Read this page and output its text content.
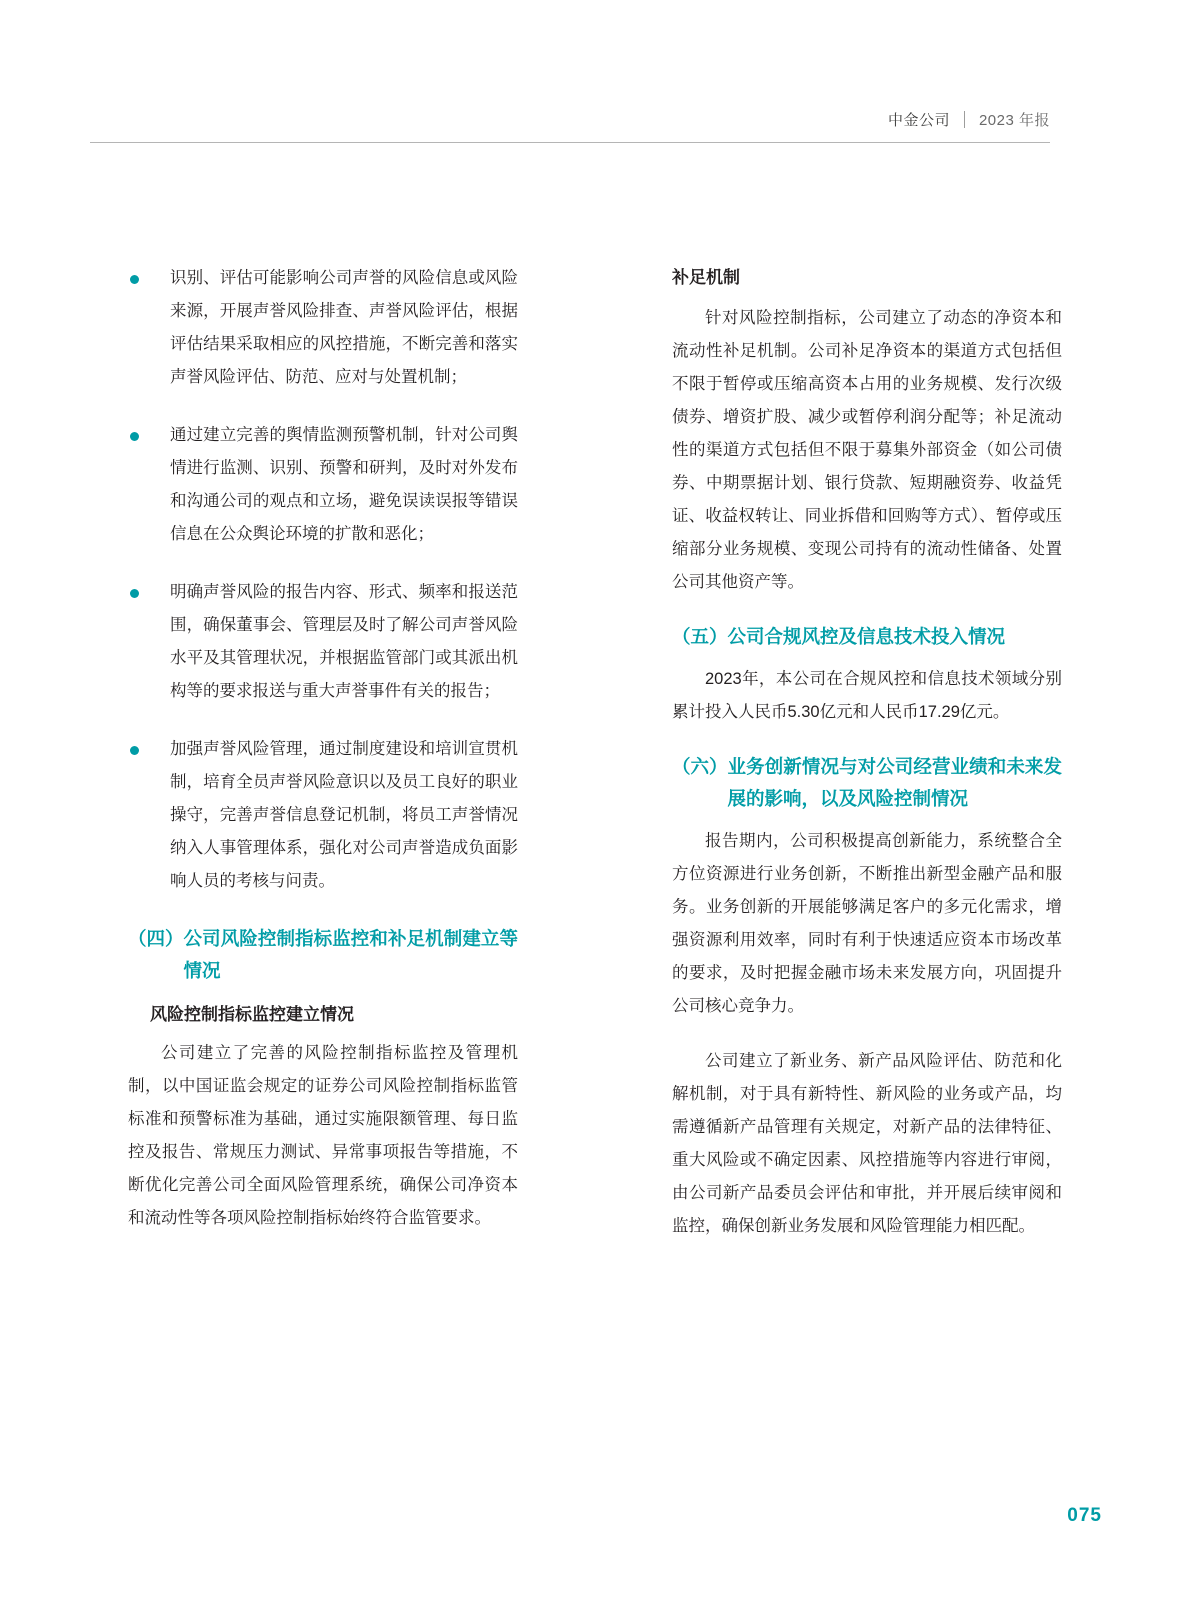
中金公司	2023 年报
识别、评估可能影响公司声誉的风险信息或风险来源，开展声誉风险排查、声誉风险评估，根据评估结果采取相应的风控措施，不断完善和落实声誉风险评估、防范、应对与处置机制；
通过建立完善的舆情监测预警机制，针对公司舆情进行监测、识别、预警和研判，及时对外发布和沟通公司的观点和立场，避免误读误报等错误信息在公众舆论环境的扩散和恶化；
明确声誉风险的报告内容、形式、频率和报送范围，确保董事会、管理层及时了解公司声誉风险水平及其管理状况，并根据监管部门或其派出机构等的要求报送与重大声誉事件有关的报告；
加强声誉风险管理，通过制度建设和培训宣贯机制，培育全员声誉风险意识以及员工良好的职业操守，完善声誉信息登记机制，将员工声誉情况纳入人事管理体系，强化对公司声誉造成负面影响人员的考核与问责。
（四） 公司风险控制指标监控和补足机制建立等情况
风险控制指标监控建立情况

公司建立了完善的风险控制指标监控及管理机制，以中国证监会规定的证券公司风险控制指标监管标准和预警标准为基础，通过实施限额管理、每日监控及报告、常规压力测试、异常事项报告等措施，不断优化完善公司全面风险管理系统，确保公司净资本和流动性等各项风险控制指标始终符合监管要求。

补足机制

针对风险控制指标，公司建立了动态的净资本和流动性补足机制。公司补足净资本的渠道方式包括但不限于暂停或压缩高资本占用的业务规模、发行次级债券、增资扩股、减少或暂停利润分配等；补足流动性的渠道方式包括但不限于募集外部资金（如公司债券、中期票据计划、银行贷款、短期融资券、收益凭证、收益权转让、同业拆借和回购等方式）、暂停或压缩部分业务规模、变现公司持有的流动性储备、处置公司其他资产等。

（五） 公司合规风控及信息技术投入情况

2023年，本公司在合规风控和信息技术领域分别累计投入人民币5.30亿元和人民币17.29亿元。

（六） 业务创新情况与对公司经营业绩和未来发展的影响，以及风险控制情况

报告期内，公司积极提高创新能力，系统整合全方位资源进行业务创新，不断推出新型金融产品和服务。业务创新的开展能够满足客户的多元化需求，增强资源利用效率，同时有利于快速适应资本市场改革的要求，及时把握金融市场未来发展方向，巩固提升公司核心竞争力。

公司建立了新业务、新产品风险评估、防范和化解机制，对于具有新特性、新风险的业务或产品，均需遵循新产品管理有关规定，对新产品的法律特征、重大风险或不确定因素、风控措施等内容进行审阅，由公司新产品委员会评估和审批，并开展后续审阅和监控，确保创新业务发展和风险管理能力相匹配。

075
